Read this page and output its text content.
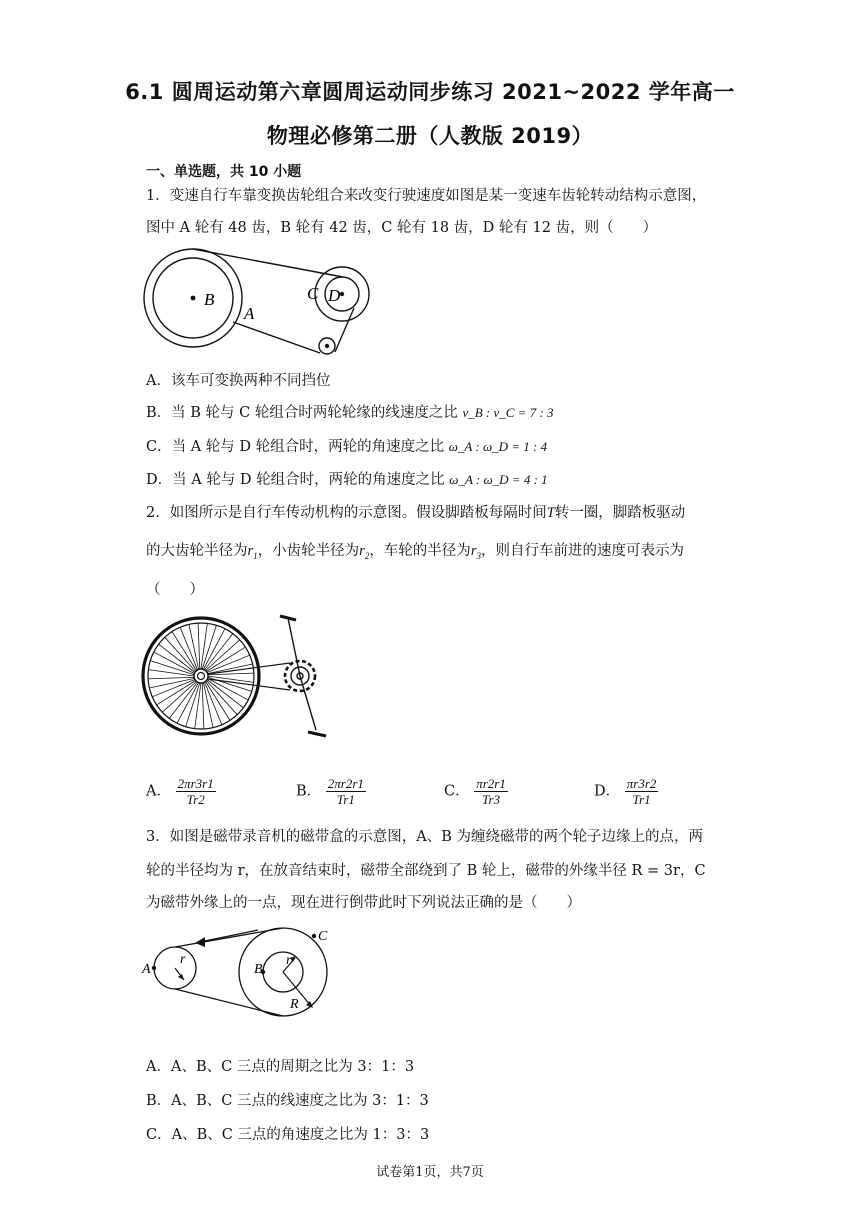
6.1 圆周运动第六章圆周运动同步练习 2021~2022 学年高一
物理必修第二册（人教版 2019）
一、单选题，共 10 小题
1．变速自行车靠变换齿轮组合来改变行驶速度如图是某一变速车齿轮转动结构示意图，
图中 A 轮有 48 齿，B 轮有 42 齿，C 轮有 18 齿，D 轮有 12 齿，则（　　）
B
A
C D
A．该车可变换两种不同挡位
B．当 B 轮与 C 轮组合时两轮轮缘的线速度之比 v_B : v_C = 7 : 3
C．当 A 轮与 D 轮组合时，两轮的角速度之比 ω_A : ω_D = 1 : 4
D．当 A 轮与 D 轮组合时，两轮的角速度之比 ω_A : ω_D = 4 : 1
2．如图所示是自行车传动机构的示意图。假设脚踏板每隔时间T转一圈，脚踏板驱动
的大齿轮半径为$r_1$，小齿轮半径为$r_2$，车轮的半径为$r_3$，则自行车前进的速度可表示为
（　　）
A． $\frac{2\pi r3r1}{Tr2}$	B． $\frac{2\pi r2r1}{Tr1}$	C． $\frac{\pi r2r1}{Tr3}$	D． $\frac{\pi r3r2}{Tr1}$
3．如图是磁带录音机的磁带盒的示意图，A、B 为缠绕磁带的两个轮子边缘上的点，两
轮的半径均为 r，在放音结束时，磁带全部绕到了 B 轮上，磁带的外缘半径 R = 3r，C
为磁带外缘上的一点，现在进行倒带此时下列说法正确的是（　　）
A
r
B
r
R
C
A．A、B、C 三点的周期之比为 3：1：3
B．A、B、C 三点的线速度之比为 3：1：3
C．A、B、C 三点的角速度之比为 1：3：3
试卷第1页，共7页
